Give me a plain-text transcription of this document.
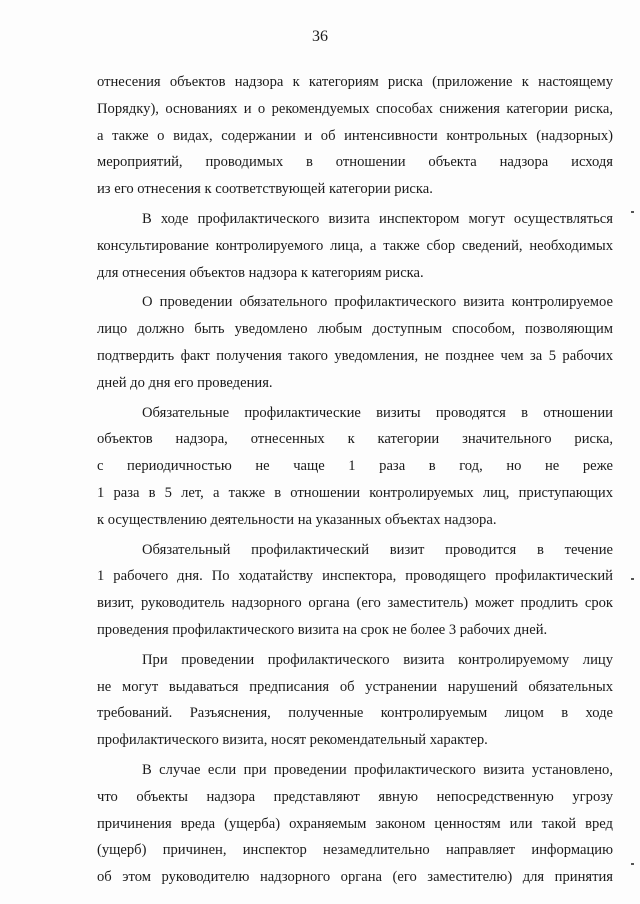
36
отнесения объектов надзора к категориям риска (приложение к настоящему
Порядку), основаниях и о рекомендуемых способах снижения категории риска,
а также о видах, содержании и об интенсивности контрольных (надзорных)
мероприятий, проводимых в отношении объекта надзора исходя
из его отнесения к соответствующей категории риска.
В ходе профилактического визита инспектором могут осуществляться
консультирование контролируемого лица, а также сбор сведений, необходимых
для отнесения объектов надзора к категориям риска.
О проведении обязательного профилактического визита контролируемое
лицо должно быть уведомлено любым доступным способом, позволяющим
подтвердить факт получения такого уведомления, не позднее чем за 5 рабочих
дней до дня его проведения.
Обязательные профилактические визиты проводятся в отношении
объектов надзора, отнесенных к категории значительного риска,
с периодичностью не чаще 1 раза в год, но не реже
1 раза в 5 лет, а также в отношении контролируемых лиц, приступающих
к осуществлению деятельности на указанных объектах надзора.
Обязательный профилактический визит проводится в течение
1 рабочего дня. По ходатайству инспектора, проводящего профилактический
визит, руководитель надзорного органа (его заместитель) может продлить срок
проведения профилактического визита на срок не более 3 рабочих дней.
При проведении профилактического визита контролируемому лицу
не могут выдаваться предписания об устранении нарушений обязательных
требований. Разъяснения, полученные контролируемым лицом в ходе
профилактического визита, носят рекомендательный характер.
В случае если при проведении профилактического визита установлено,
что объекты надзора представляют явную непосредственную угрозу
причинения вреда (ущерба) охраняемым законом ценностям или такой вред
(ущерб) причинен, инспектор незамедлительно направляет информацию
об этом руководителю надзорного органа (его заместителю) для принятия
